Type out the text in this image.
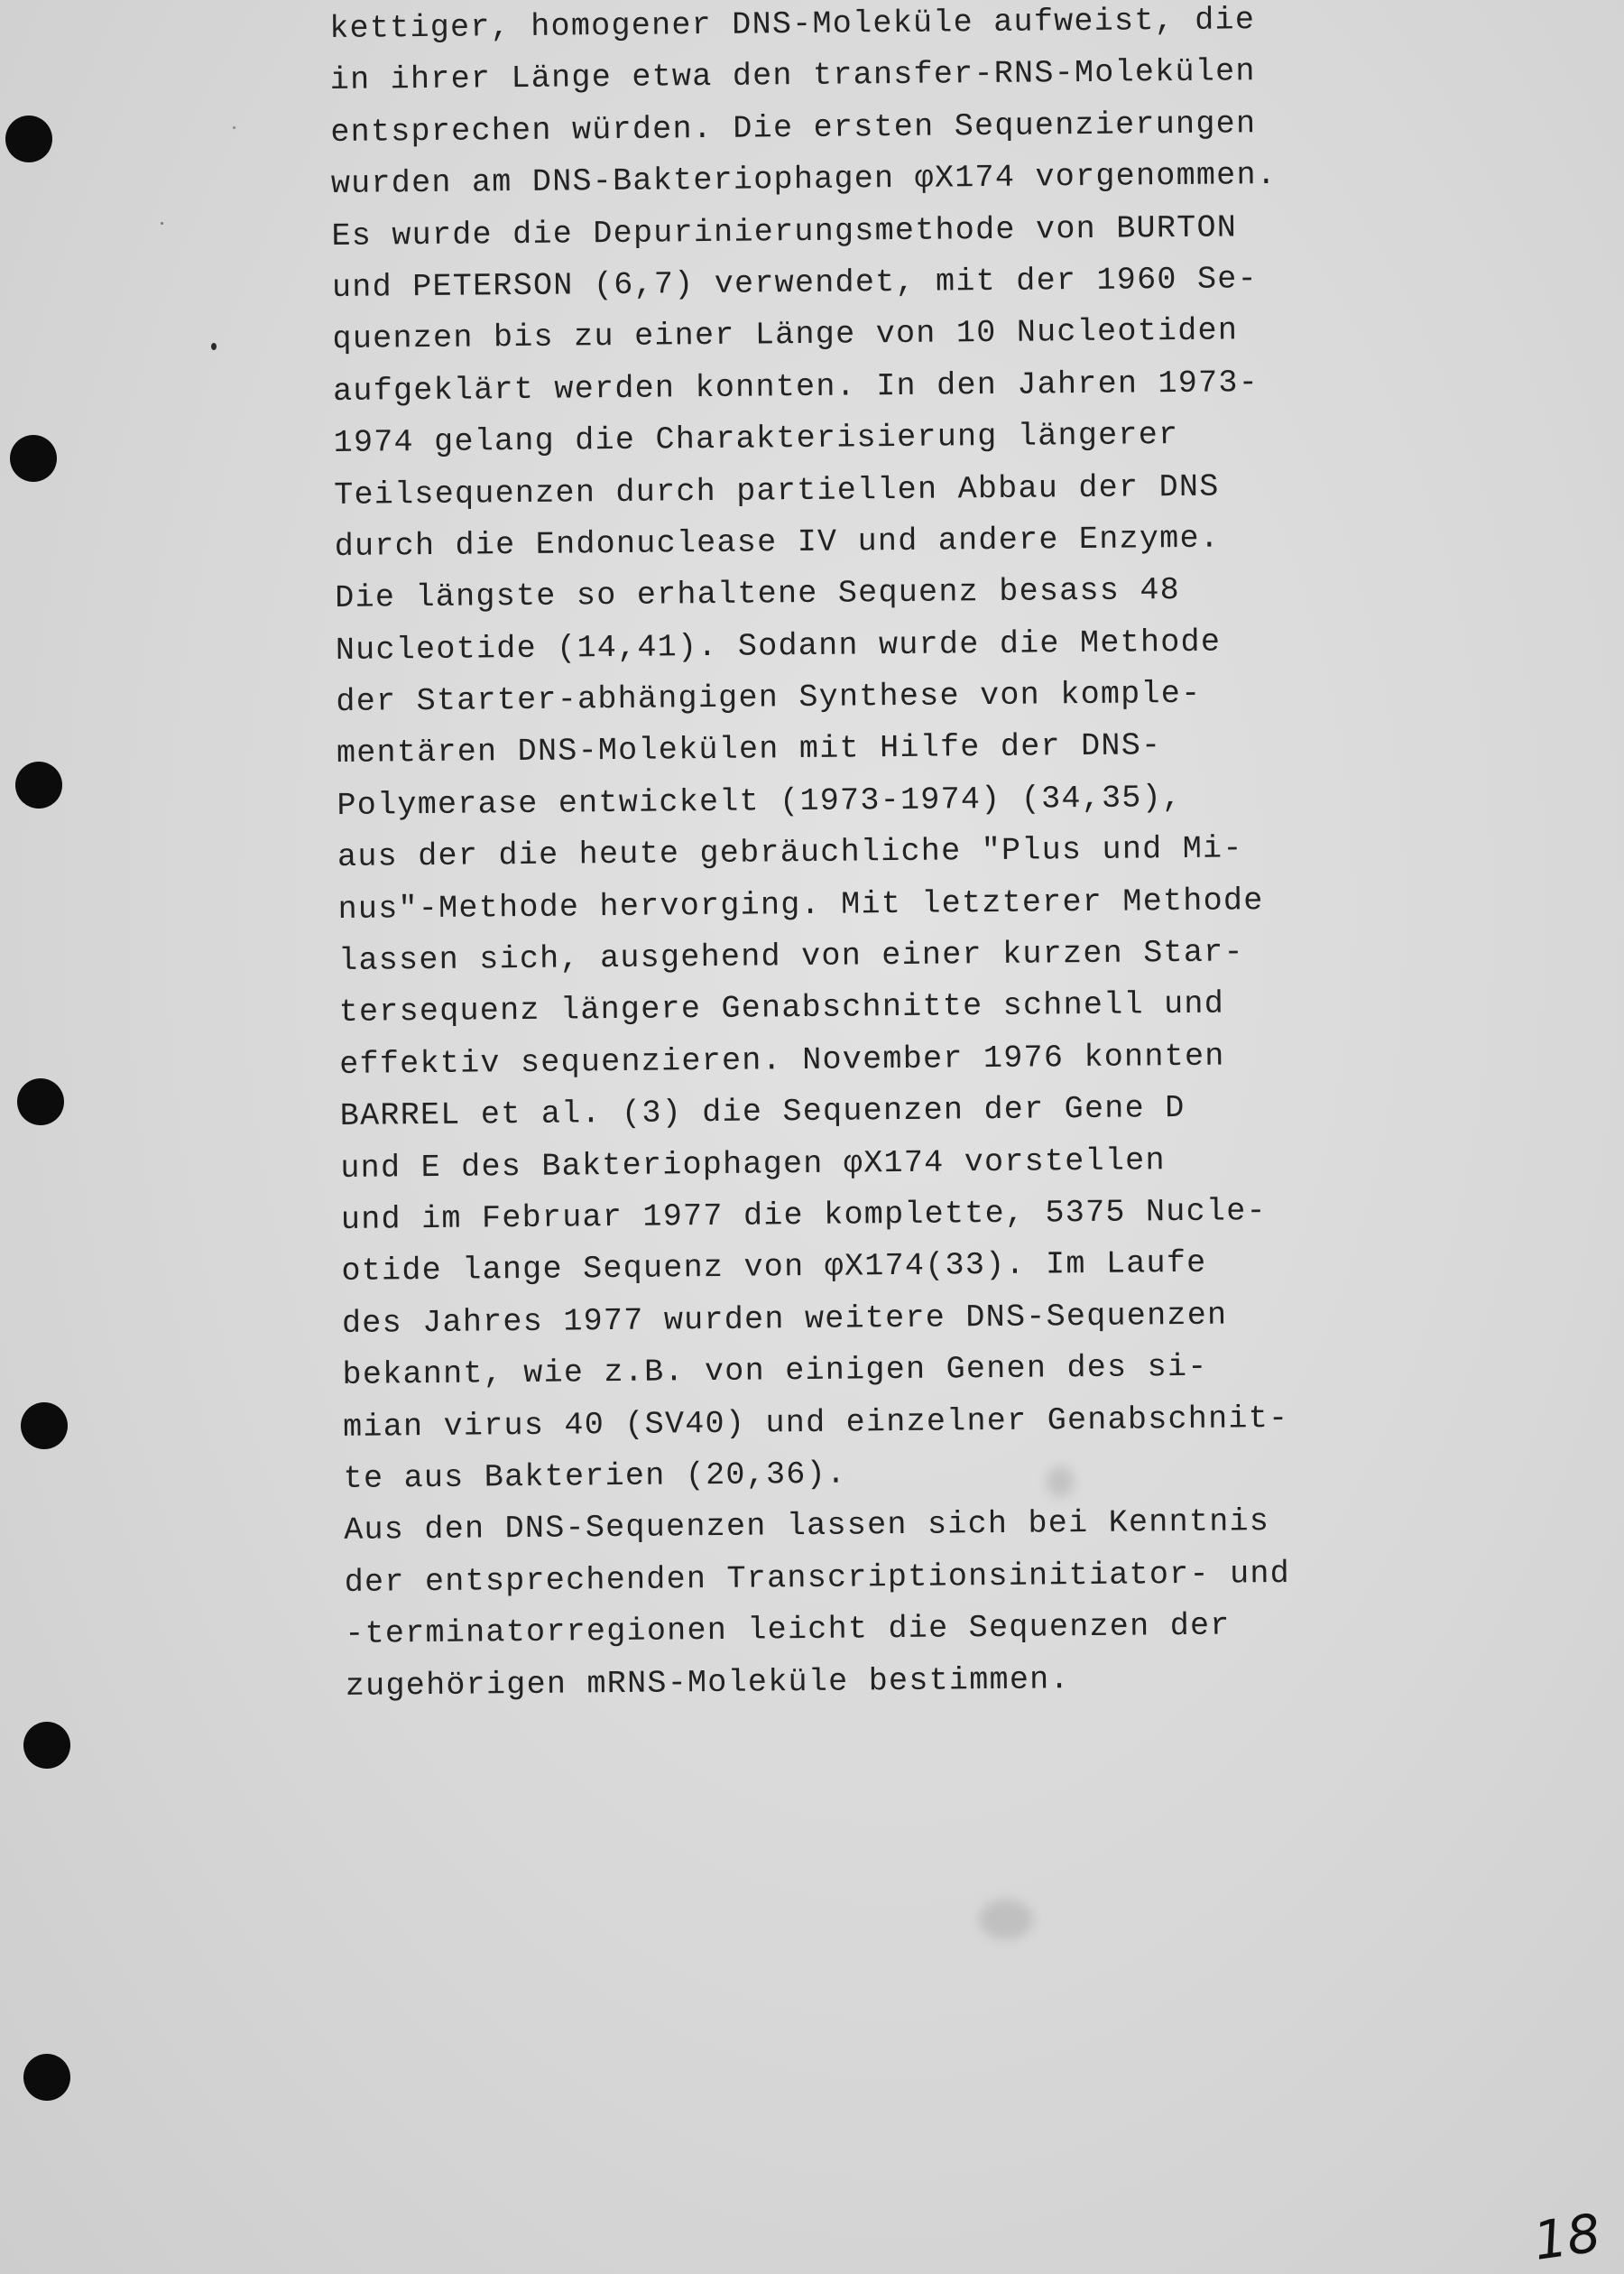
kettiger, homogener DNS-Moleküle aufweist, die
in ihrer Länge etwa den transfer-RNS-Molekülen
entsprechen würden. Die ersten Sequenzierungen
wurden am DNS-Bakteriophagen φX174 vorgenommen.
Es wurde die Depurinierungsmethode von BURTON
und PETERSON (6,7) verwendet, mit der 1960 Se-
quenzen bis zu einer Länge von 10 Nucleotiden
aufgeklärt werden konnten. In den Jahren 1973-
1974 gelang die Charakterisierung längerer
Teilsequenzen durch partiellen Abbau der DNS
durch die Endonuclease IV und andere Enzyme.
Die längste so erhaltene Sequenz besass 48
Nucleotide (14,41). Sodann wurde die Methode
der Starter-abhängigen Synthese von komple-
mentären DNS-Molekülen mit Hilfe der DNS-
Polymerase entwickelt (1973-1974) (34,35),
aus der die heute gebräuchliche "Plus und Mi-
nus"-Methode hervorging. Mit letzterer Methode
lassen sich, ausgehend von einer kurzen Star-
tersequenz längere Genabschnitte schnell und
effektiv sequenzieren. November 1976 konnten
BARREL et al. (3) die Sequenzen der Gene D
und E des Bakteriophagen φX174 vorstellen
und im Februar 1977 die komplette, 5375 Nucle-
otide lange Sequenz von φX174(33). Im Laufe
des Jahres 1977 wurden weitere DNS-Sequenzen
bekannt, wie z.B. von einigen Genen des si-
mian virus 40 (SV40) und einzelner Genabschnit-
te aus Bakterien (20,36).
Aus den DNS-Sequenzen lassen sich bei Kenntnis
der entsprechenden Transcriptionsinitiator- und
-terminatorregionen leicht die Sequenzen der
zugehörigen mRNS-Moleküle bestimmen.
18
